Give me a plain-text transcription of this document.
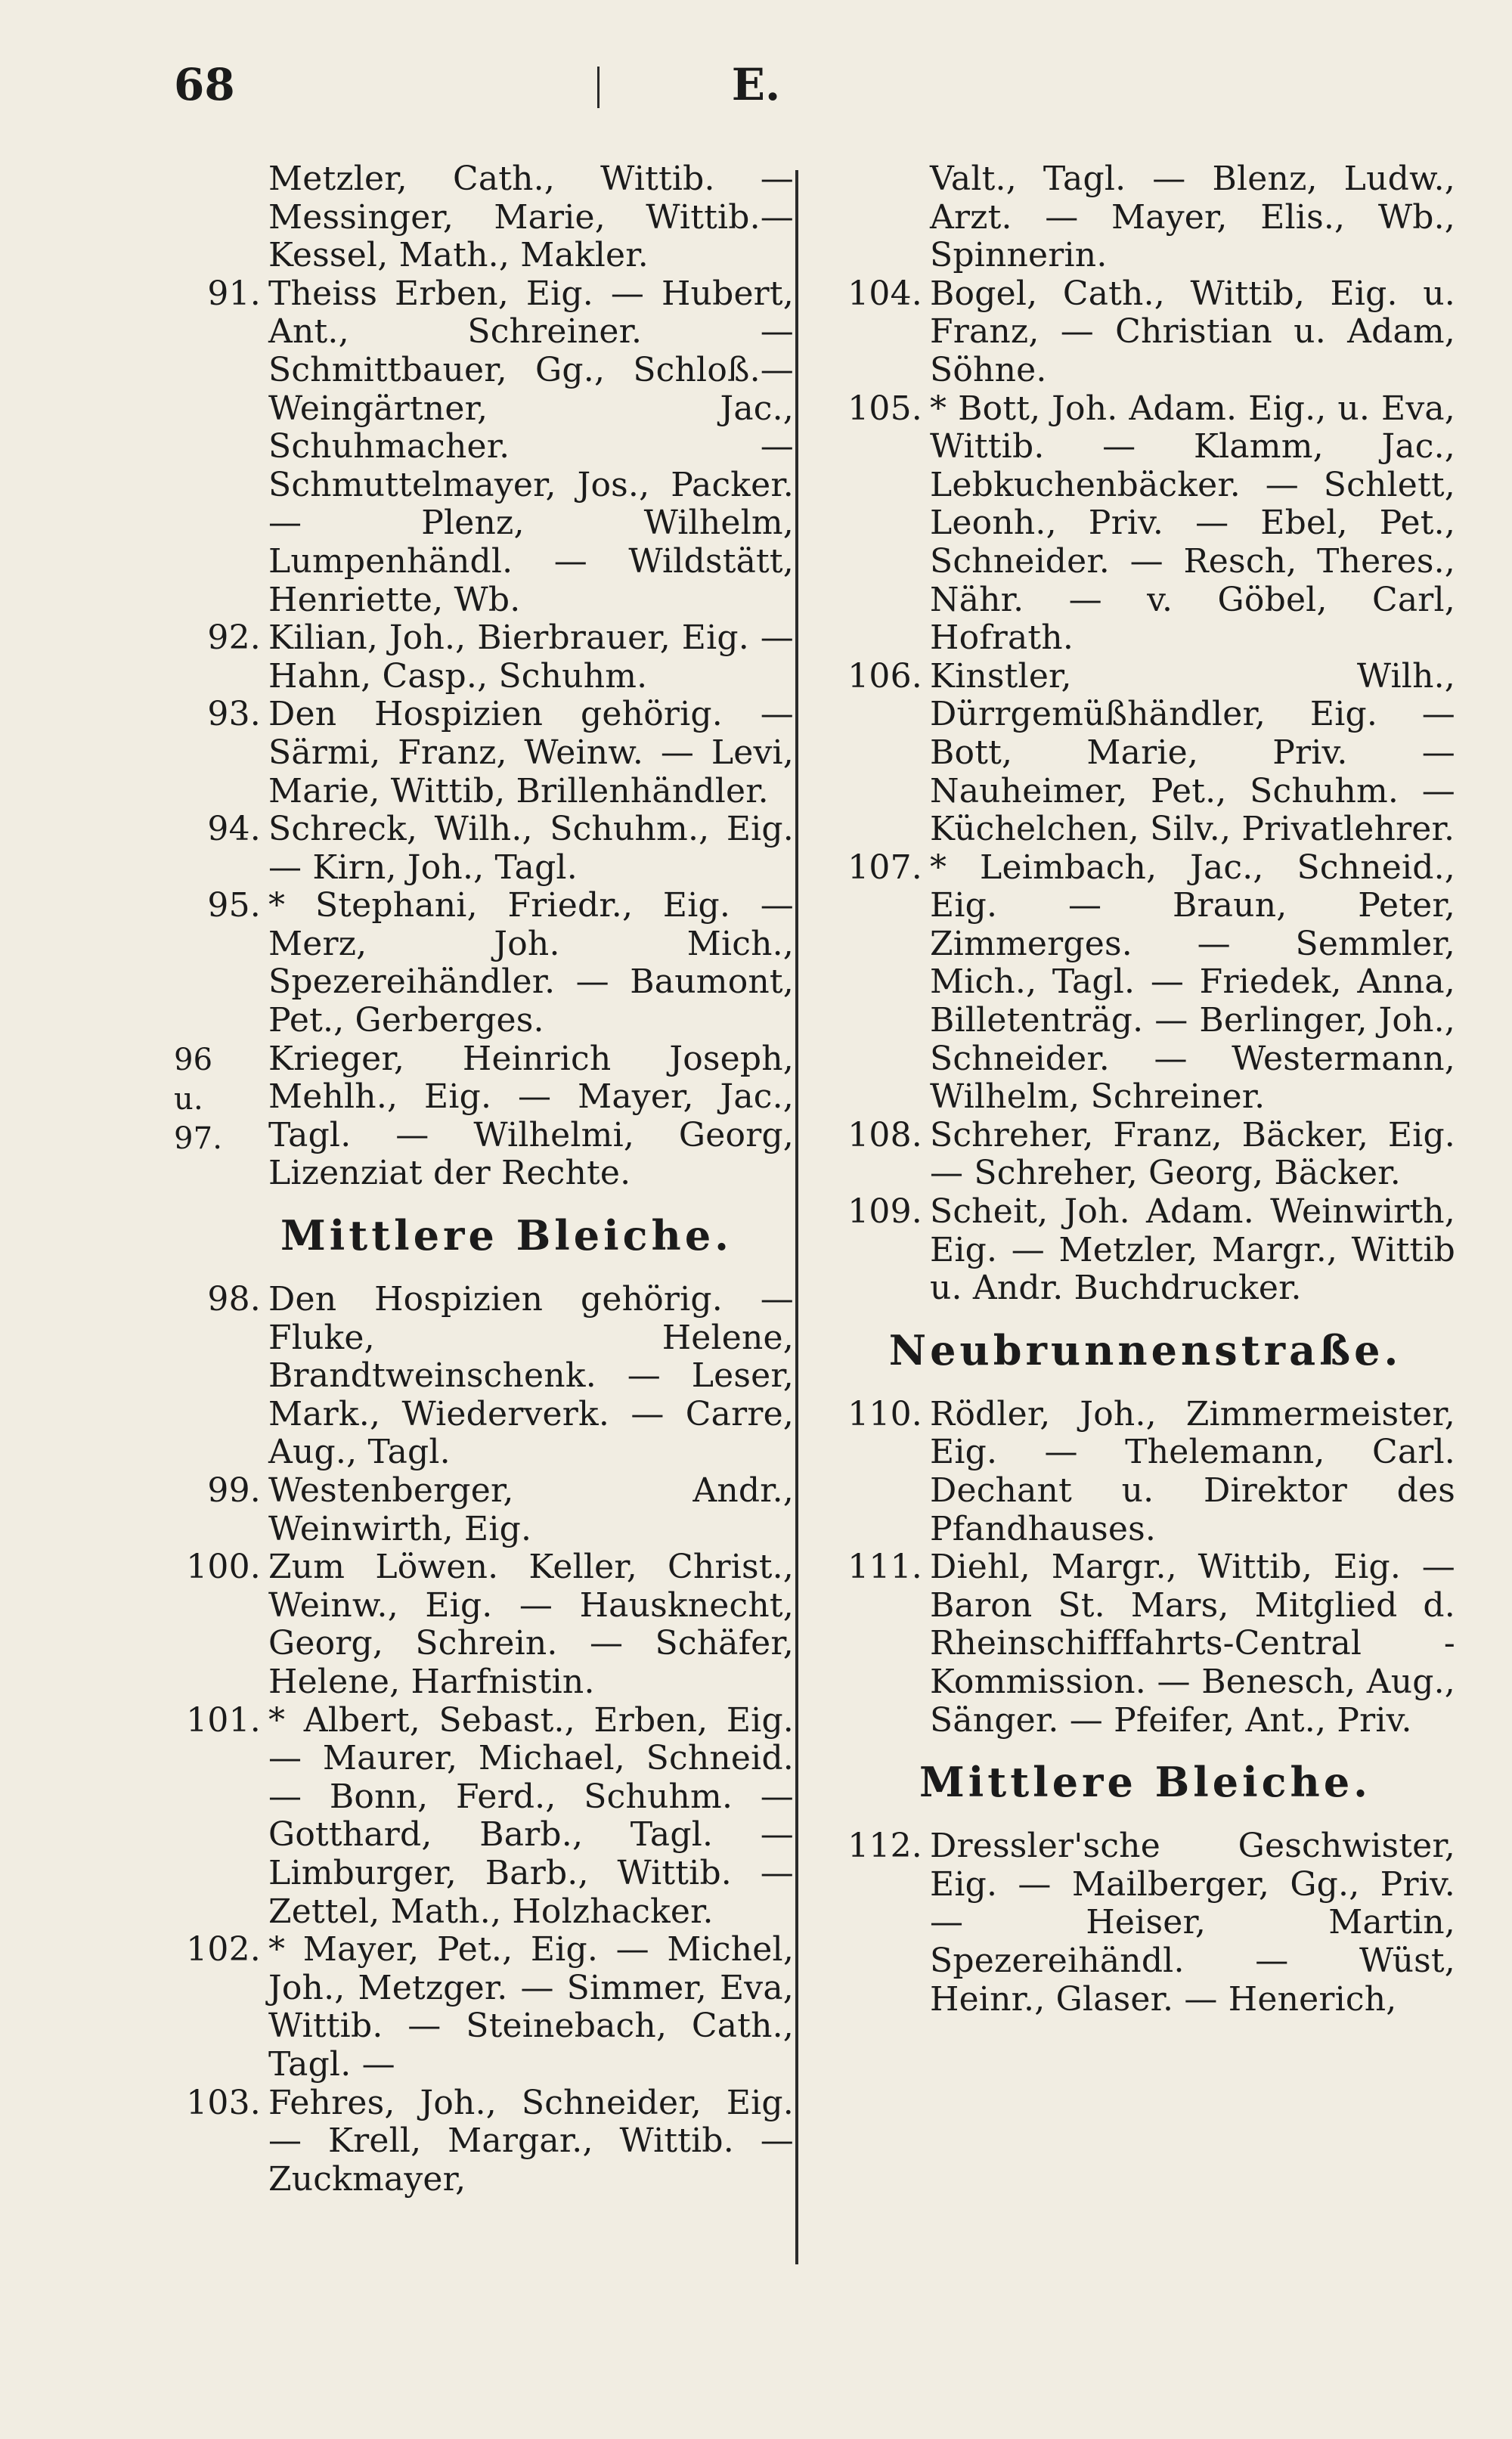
68	E.
Metzler, Cath., Wittib. — Messinger, Marie, Wittib.— Kessel, Math., Makler.
91. Theiss Erben, Eig. — Hubert, Ant., Schreiner. — Schmittbauer, Gg., Schloß.— Weingärtner, Jac., Schuhmacher. — Schmuttelmayer, Jos., Packer. — Plenz, Wilhelm, Lumpenhändl. — Wildstätt, Henriette, Wb.
92. Kilian, Joh., Bierbrauer, Eig. — Hahn, Casp., Schuhm.
93. Den Hospizien gehörig. — Särmi, Franz, Weinw. — Levi, Marie, Wittib, Brillenhändler.
94. Schreck, Wilh., Schuhm., Eig. — Kirn, Joh., Tagl.
95. * Stephani, Friedr., Eig. — Merz, Joh. Mich., Spezereihändler. — Baumont, Pet., Gerberges.
96
u.
97.
Krieger, Heinrich Joseph, Mehlh., Eig. — Mayer, Jac., Tagl. — Wilhelmi, Georg, Lizenziat der Rechte.
Mittlere Bleiche.
98. Den Hospizien gehörig. — Fluke, Helene, Brandtweinschenk. — Leser, Mark., Wiederverk. — Carre, Aug., Tagl.
99. Westenberger, Andr., Weinwirth, Eig.
100. Zum Löwen. Keller, Christ., Weinw., Eig. — Hausknecht, Georg, Schrein. — Schäfer, Helene, Harfnistin.
101. * Albert, Sebast., Erben, Eig. — Maurer, Michael, Schneid. — Bonn, Ferd., Schuhm. — Gotthard, Barb., Tagl. — Limburger, Barb., Wittib. — Zettel, Math., Holzhacker.
102. * Mayer, Pet., Eig. — Michel, Joh., Metzger. — Simmer, Eva, Wittib. — Steinebach, Cath., Tagl. —
103. Fehres, Joh., Schneider, Eig. — Krell, Margar., Wittib. — Zuckmayer,
Valt., Tagl. — Blenz, Ludw., Arzt. — Mayer, Elis., Wb., Spinnerin.
104. Bogel, Cath., Wittib, Eig. u. Franz, — Christian u. Adam, Söhne.
105. * Bott, Joh. Adam. Eig., u. Eva, Wittib. — Klamm, Jac., Lebkuchenbäcker. — Schlett, Leonh., Priv. — Ebel, Pet., Schneider. — Resch, Theres., Nähr. — v. Göbel, Carl, Hofrath.
106. Kinstler, Wilh., Dürrgemüßhändler, Eig. — Bott, Marie, Priv. — Nauheimer, Pet., Schuhm. — Küchelchen, Silv., Privatlehrer.
107. * Leimbach, Jac., Schneid., Eig. — Braun, Peter, Zimmerges. — Semmler, Mich., Tagl. — Friedek, Anna, Billetenträg. — Berlinger, Joh., Schneider. — Westermann, Wilhelm, Schreiner.
108. Schreher, Franz, Bäcker, Eig. — Schreher, Georg, Bäcker.
109. Scheit, Joh. Adam. Weinwirth, Eig. — Metzler, Margr., Wittib u. Andr. Buchdrucker.
Neubrunnenstraße.
110. Rödler, Joh., Zimmermeister, Eig. — Thelemann, Carl. Dechant u. Direktor des Pfandhauses.
111. Diehl, Margr., Wittib, Eig. — Baron St. Mars, Mitglied d. Rheinschifffahrts-Central - Kommission. — Benesch, Aug., Sänger. — Pfeifer, Ant., Priv.
Mittlere Bleiche.
112. Dressler'sche Geschwister, Eig. — Mailberger, Gg., Priv. — Heiser, Martin, Spezereihändl. — Wüst, Heinr., Glaser. — Henerich,
